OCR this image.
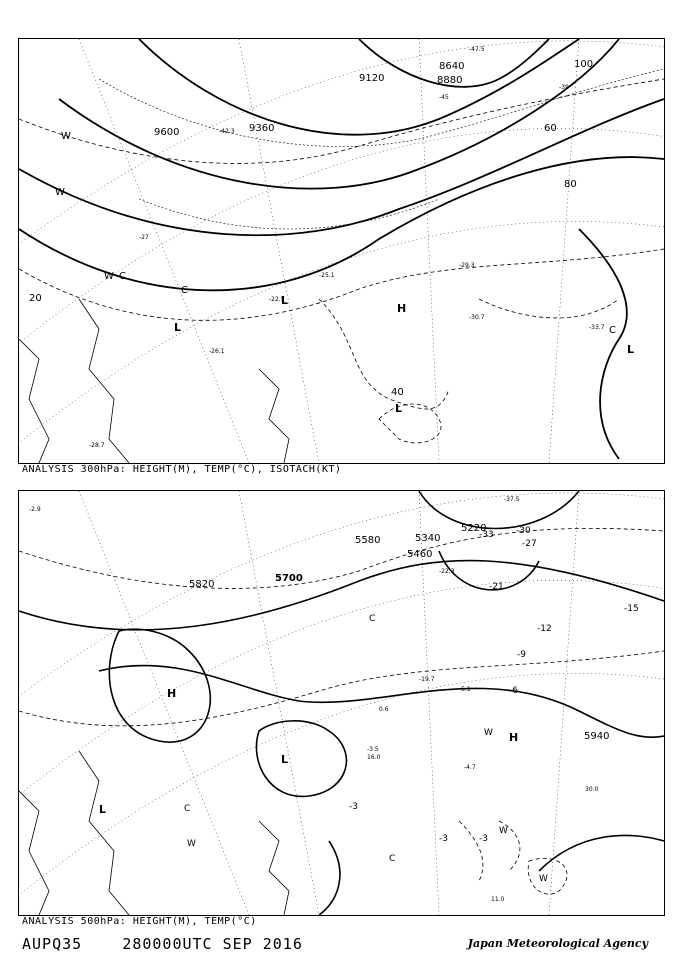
8640
8880
9120
9360
9600
20
40
60
80
100
-47.5
-45
-42.3
-39
-33.7
-30.7
-29.3
-28.7
-27
-25.1
-22.5
-26.1
L
L
L
L
H
C
C
C
W
W
W
ANALYSIS 300hPa: HEIGHT(M), TEMP(°C), ISOTACH(KT)
5220
5340
5460
5580
5700
5820
5940
-33 -30
-27
-21
-15
-12
-9
-6
-3
-3	-3
-37.5
-22.3
-19.7
-5.1
-4.7
-3.5
-2.9
0.6
11.0
16.0
30.0
H
H
L
L
C
C
C
W
W
W
W
ANALYSIS 500hPa: HEIGHT(M), TEMP(°C)
AUPQ35	280000UTC SEP 2016	Japan Meteorological Agency
